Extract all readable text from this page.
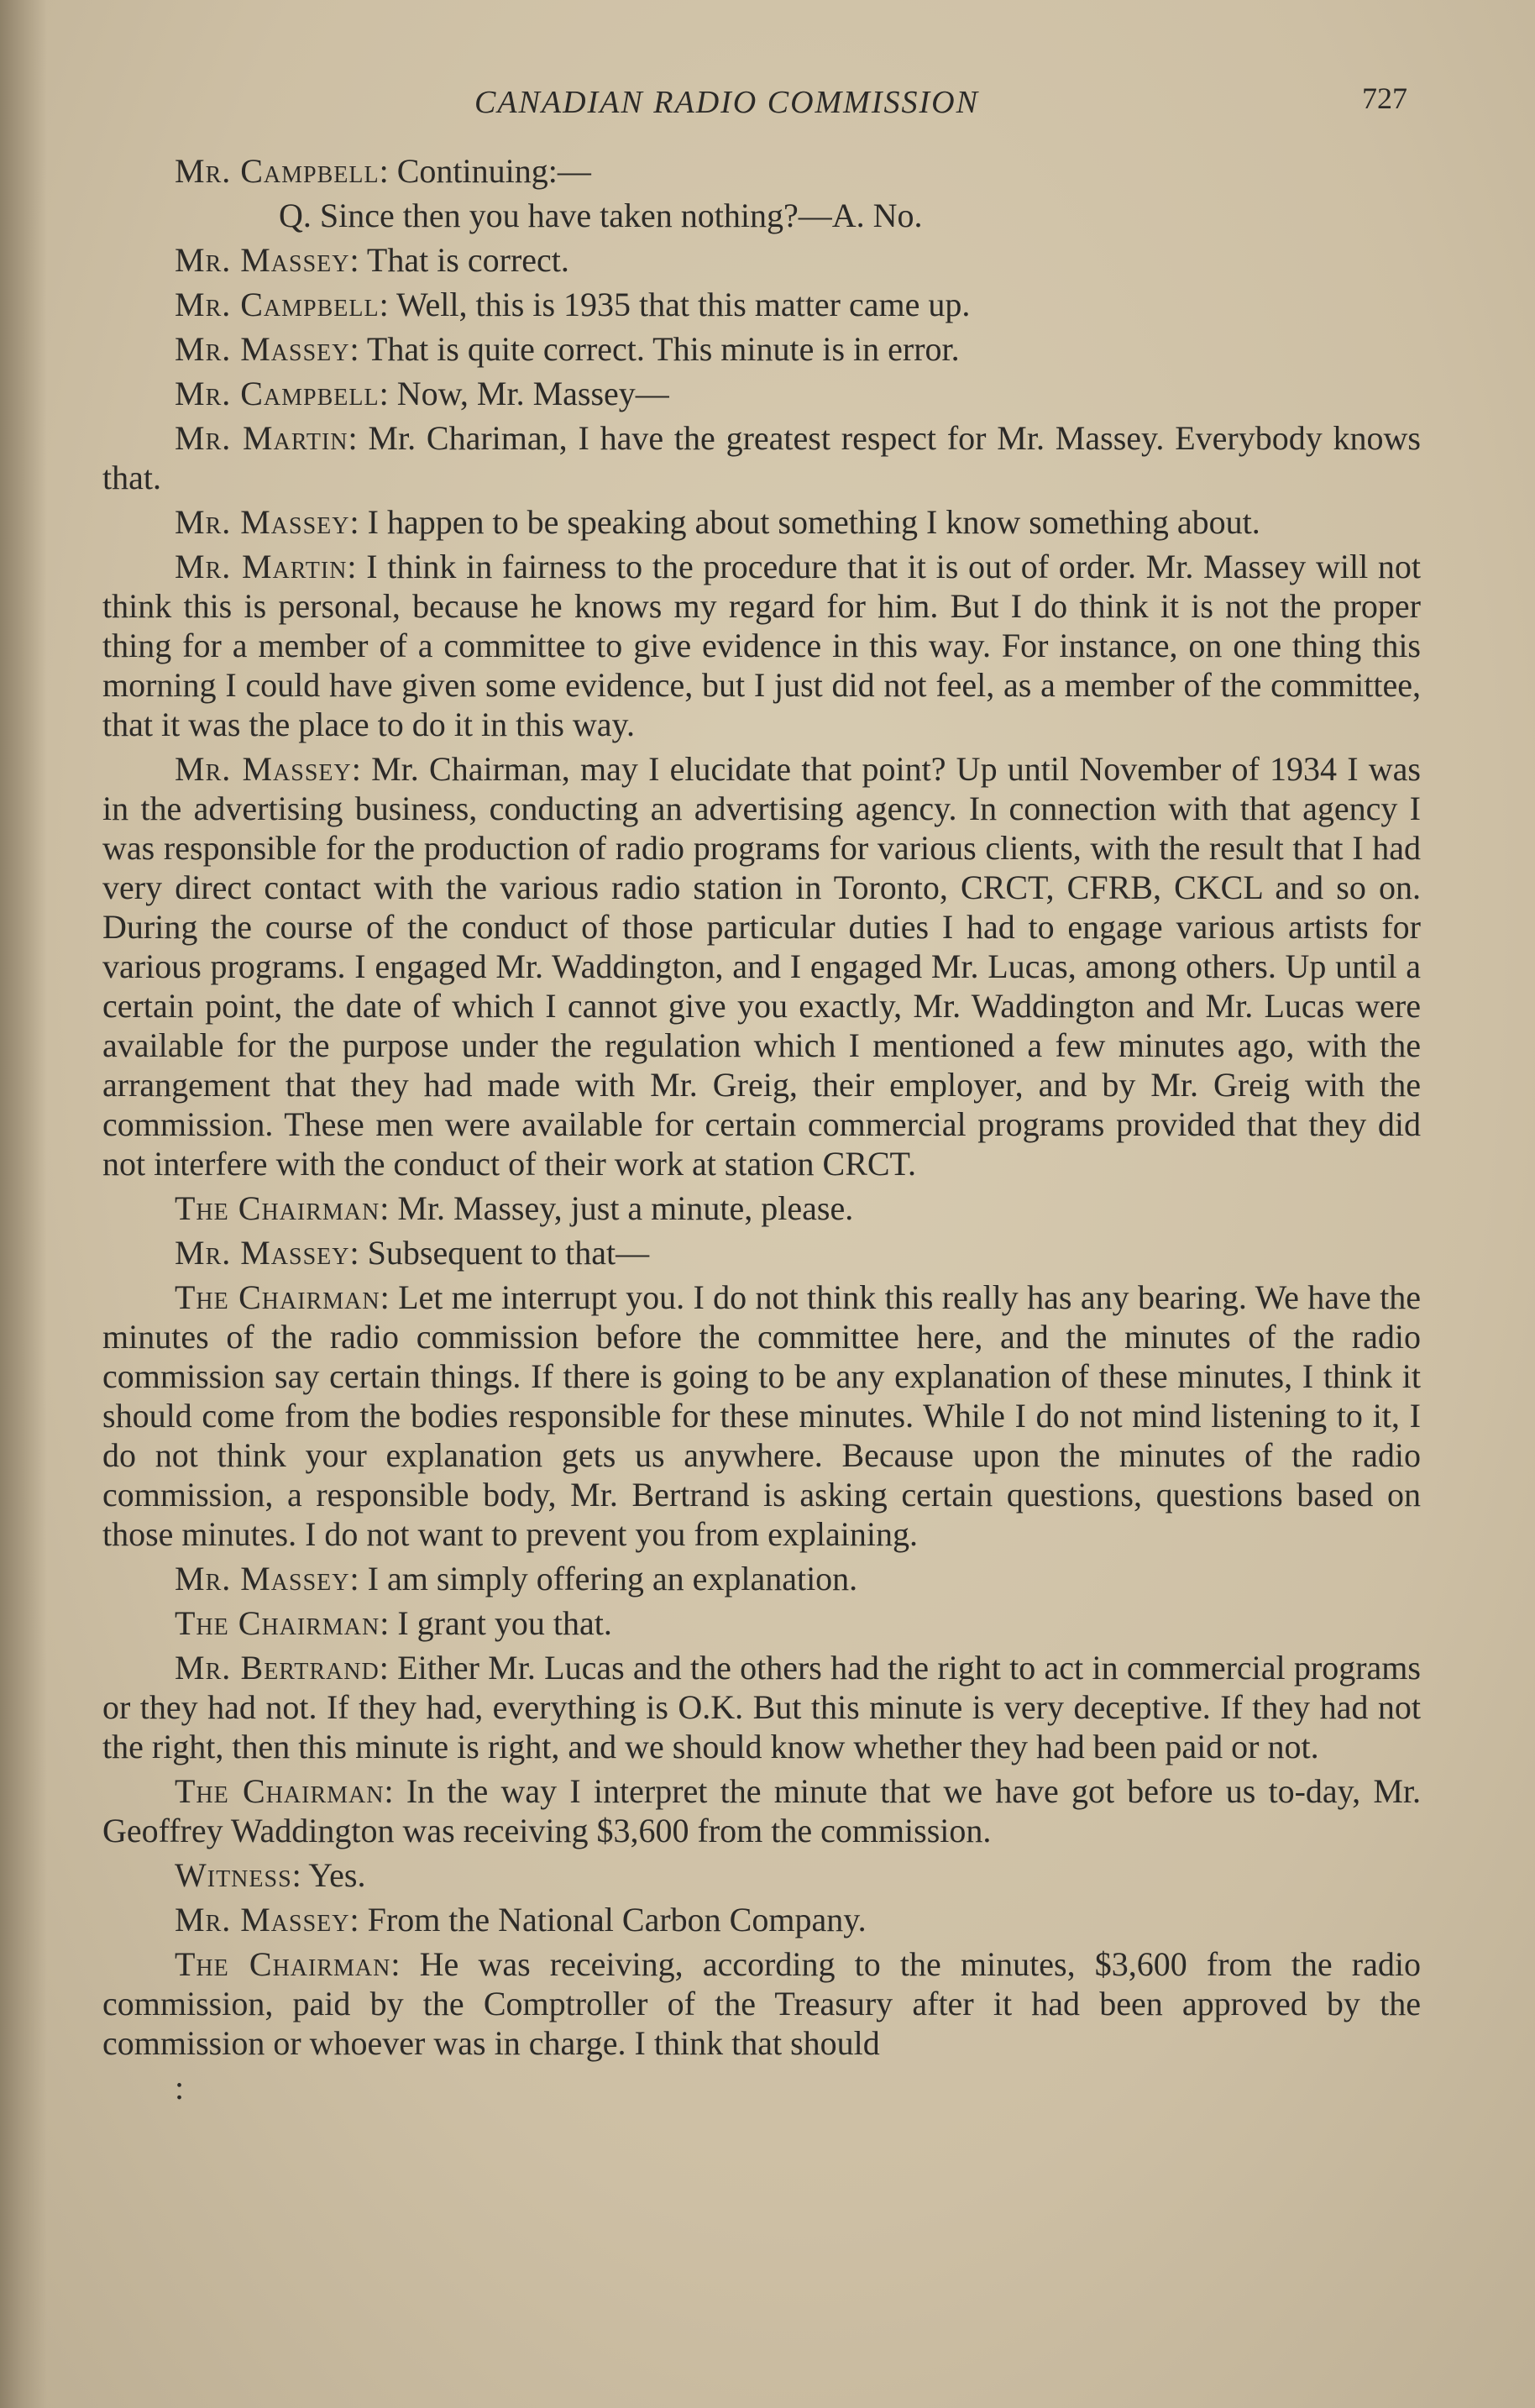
CANADIAN RADIO COMMISSION	727

Mr. Campbell: Continuing:—

Q. Since then you have taken nothing?—A. No.

Mr. Massey: That is correct.

Mr. Campbell: Well, this is 1935 that this matter came up.

Mr. Massey: That is quite correct. This minute is in error.

Mr. Campbell: Now, Mr. Massey—

Mr. Martin: Mr. Chariman, I have the greatest respect for Mr. Massey. Everybody knows that.

Mr. Massey: I happen to be speaking about something I know something about.

Mr. Martin: I think in fairness to the procedure that it is out of order. Mr. Massey will not think this is personal, because he knows my regard for him. But I do think it is not the proper thing for a member of a committee to give evidence in this way. For instance, on one thing this morning I could have given some evidence, but I just did not feel, as a member of the committee, that it was the place to do it in this way.

Mr. Massey: Mr. Chairman, may I elucidate that point? Up until November of 1934 I was in the advertising business, conducting an advertising agency. In connection with that agency I was responsible for the production of radio programs for various clients, with the result that I had very direct contact with the various radio station in Toronto, CRCT, CFRB, CKCL and so on. During the course of the conduct of those particular duties I had to engage various artists for various programs. I engaged Mr. Waddington, and I engaged Mr. Lucas, among others. Up until a certain point, the date of which I cannot give you exactly, Mr. Waddington and Mr. Lucas were available for the purpose under the regulation which I mentioned a few minutes ago, with the arrangement that they had made with Mr. Greig, their employer, and by Mr. Greig with the commission. These men were available for certain commercial programs provided that they did not interfere with the conduct of their work at station CRCT.

The Chairman: Mr. Massey, just a minute, please.

Mr. Massey: Subsequent to that—

The Chairman: Let me interrupt you. I do not think this really has any bearing. We have the minutes of the radio commission before the committee here, and the minutes of the radio commission say certain things. If there is going to be any explanation of these minutes, I think it should come from the bodies responsible for these minutes. While I do not mind listening to it, I do not think your explanation gets us anywhere. Because upon the minutes of the radio commission, a responsible body, Mr. Bertrand is asking certain questions, questions based on those minutes. I do not want to prevent you from explaining.

Mr. Massey: I am simply offering an explanation.

The Chairman: I grant you that.

Mr. Bertrand: Either Mr. Lucas and the others had the right to act in commercial programs or they had not. If they had, everything is O.K. But this minute is very deceptive. If they had not the right, then this minute is right, and we should know whether they had been paid or not.

The Chairman: In the way I interpret the minute that we have got before us to-day, Mr. Geoffrey Waddington was receiving $3,600 from the commission.

Witness: Yes.

Mr. Massey: From the National Carbon Company.

The Chairman: He was receiving, according to the minutes, $3,600 from the radio commission, paid by the Comptroller of the Treasury after it had been approved by the commission or whoever was in charge. I think that should

:
